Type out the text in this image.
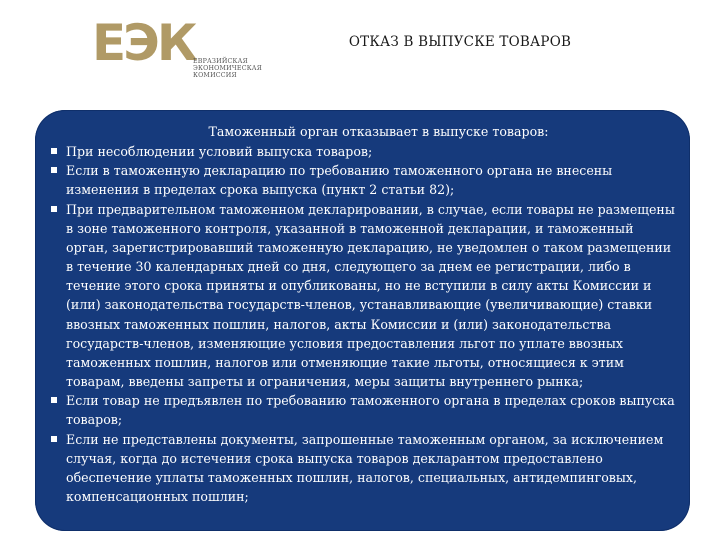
ЕЭК
ЕВРАЗИЙСКАЯ ЭКОНОМИЧЕСКАЯ КОМИССИЯ
ОТКАЗ В ВЫПУСКЕ ТОВАРОВ
Таможенный орган отказывает в выпуске товаров:
При несоблюдении условий выпуска товаров;
Если в таможенную декларацию по требованию таможенного органа не внесены изменения в пределах срока выпуска (пункт 2 статьи 82);
При предварительном таможенном декларировании, в случае, если товары не размещены в зоне таможенного контроля, указанной в таможенной декларации, и таможенный орган, зарегистрировавший таможенную декларацию, не уведомлен о таком размещении в течение 30 календарных дней со дня, следующего за днем ее регистрации, либо в течение этого срока приняты и опубликованы, но не вступили в силу акты Комиссии и (или) законодательства государств-членов, устанавливающие (увеличивающие) ставки ввозных таможенных пошлин, налогов, акты Комиссии и (или) законодательства государств-членов, изменяющие условия предоставления льгот по уплате ввозных таможенных пошлин, налогов или отменяющие такие льготы, относящиеся к этим товарам, введены запреты и ограничения, меры защиты внутреннего рынка;
Если товар не предъявлен по требованию таможенного органа в пределах сроков выпуска товаров;
Если не представлены документы, запрошенные таможенным органом, за исключением случая, когда до истечения срока выпуска товаров декларантом предоставлено обеспечение уплаты таможенных пошлин, налогов, специальных, антидемпинговых, компенсационных пошлин;
